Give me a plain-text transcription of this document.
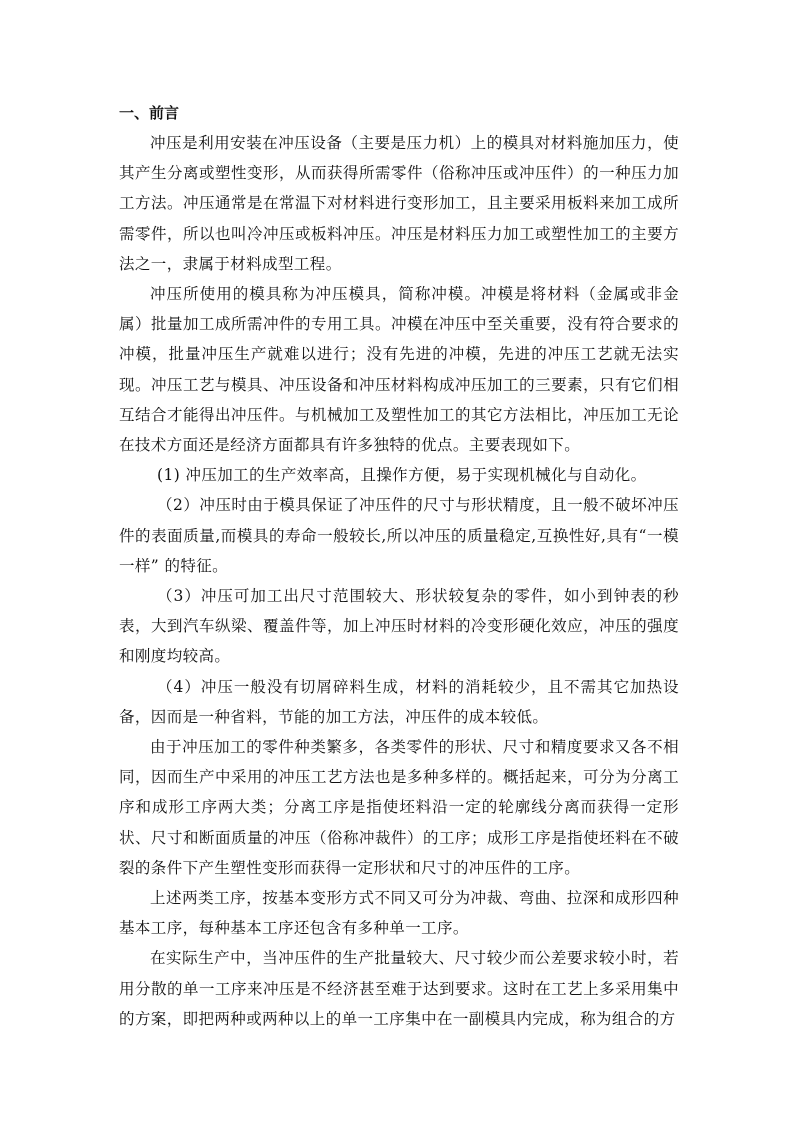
一、前言

冲压是利用安装在冲压设备（主要是压力机）上的模具对材料施加压力，使其产生分离或塑性变形，从而获得所需零件（俗称冲压或冲压件）的一种压力加工方法。冲压通常是在常温下对材料进行变形加工，且主要采用板料来加工成所需零件，所以也叫冷冲压或板料冲压。冲压是材料压力加工或塑性加工的主要方法之一，隶属于材料成型工程。

冲压所使用的模具称为冲压模具，简称冲模。冲模是将材料（金属或非金属）批量加工成所需冲件的专用工具。冲模在冲压中至关重要，没有符合要求的冲模，批量冲压生产就难以进行；没有先进的冲模，先进的冲压工艺就无法实现。冲压工艺与模具、冲压设备和冲压材料构成冲压加工的三要素，只有它们相互结合才能得出冲压件。与机械加工及塑性加工的其它方法相比，冲压加工无论在技术方面还是经济方面都具有许多独特的优点。主要表现如下。

(1) 冲压加工的生产效率高，且操作方便，易于实现机械化与自动化。

（2）冲压时由于模具保证了冲压件的尺寸与形状精度，且一般不破坏冲压件的表面质量,而模具的寿命一般较长,所以冲压的质量稳定,互换性好,具有“一模一样” 的特征。

（3）冲压可加工出尺寸范围较大、形状较复杂的零件，如小到钟表的秒表，大到汽车纵梁、覆盖件等，加上冲压时材料的冷变形硬化效应，冲压的强度和刚度均较高。

（4）冲压一般没有切屑碎料生成，材料的消耗较少，且不需其它加热设备，因而是一种省料，节能的加工方法，冲压件的成本较低。

由于冲压加工的零件种类繁多，各类零件的形状、尺寸和精度要求又各不相同，因而生产中采用的冲压工艺方法也是多种多样的。概括起来，可分为分离工序和成形工序两大类；分离工序是指使坯料沿一定的轮廓线分离而获得一定形状、尺寸和断面质量的冲压（俗称冲裁件）的工序；成形工序是指使坯料在不破裂的条件下产生塑性变形而获得一定形状和尺寸的冲压件的工序。

上述两类工序，按基本变形方式不同又可分为冲裁、弯曲、拉深和成形四种基本工序，每种基本工序还包含有多种单一工序。

在实际生产中，当冲压件的生产批量较大、尺寸较少而公差要求较小时，若用分散的单一工序来冲压是不经济甚至难于达到要求。这时在工艺上多采用集中的方案，即把两种或两种以上的单一工序集中在一副模具内完成，称为组合的方
